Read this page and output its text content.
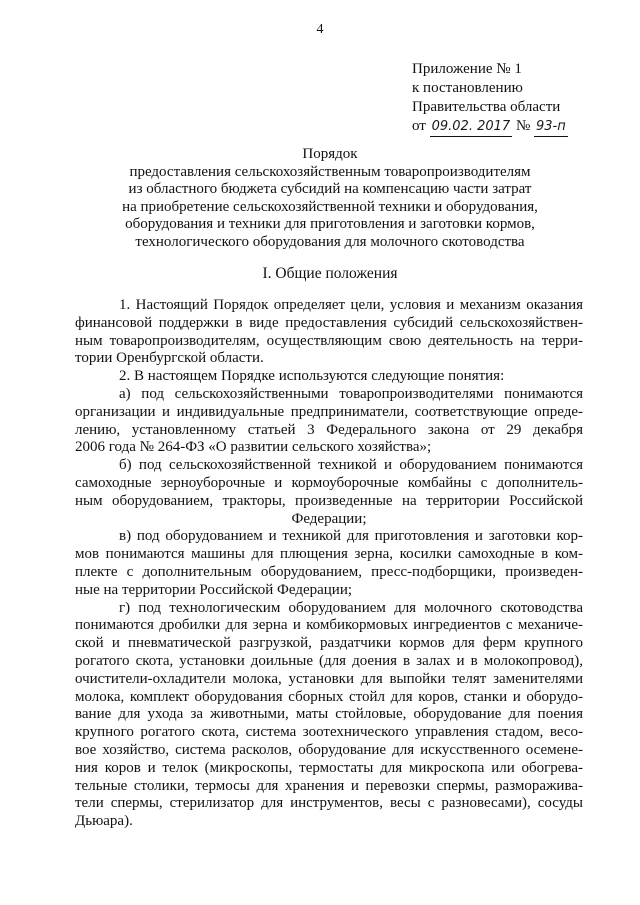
4
Приложение № 1
к постановлению
Правительства области
от 09.02. 2017 № 93-п
Порядок
предоставления сельскохозяйственным товаропроизводителям
из областного бюджета субсидий на компенсацию части затрат
на приобретение сельскохозяйственной техники и оборудования,
оборудования и техники для приготовления и заготовки кормов,
технологического оборудования для молочного скотоводства
I. Общие положения
1. Настоящий Порядок определяет цели, условия и механизм оказания
финансовой поддержки в виде предоставления субсидий сельскохозяйствен-
ным товаропроизводителям, осуществляющим свою деятельность на терри-
тории Оренбургской области.
2. В настоящем Порядке используются следующие понятия:
а) под сельскохозяйственными товаропроизводителями понимаются
организации и индивидуальные предприниматели, соответствующие опреде-
лению, установленному статьей 3 Федерального закона от 29 декабря
2006 года № 264-ФЗ «О развитии сельского хозяйства»;
б) под сельскохозяйственной техникой и оборудованием понимаются
самоходные зерноуборочные и кормоуборочные комбайны с дополнитель-
ным оборудованием, тракторы, произведенные на территории Российской
Федерации;
в) под оборудованием и техникой для приготовления и заготовки кор-
мов понимаются машины для плющения зерна, косилки самоходные в ком-
плекте с дополнительным оборудованием, пресс-подборщики, произведен-
ные на территории Российской Федерации;
г) под технологическим оборудованием для молочного скотоводства
понимаются дробилки для зерна и комбикормовых ингредиентов с механиче-
ской и пневматической разгрузкой, раздатчики кормов для ферм крупного
рогатого скота, установки доильные (для доения в залах и в молокопровод),
очистители-охладители молока, установки для выпойки телят заменителями
молока, комплект оборудования сборных стойл для коров, станки и оборудо-
вание для ухода за животными, маты стойловые, оборудование для поения
крупного рогатого скота, система зоотехнического управления стадом, весо-
вое хозяйство, система расколов, оборудование для искусственного осемене-
ния коров и телок (микроскопы, термостаты для микроскопа или обогрева-
тельные столики, термосы для хранения и перевозки спермы, разморажива-
тели спермы, стерилизатор для инструментов, весы с разновесами), сосуды
Дьюара).
